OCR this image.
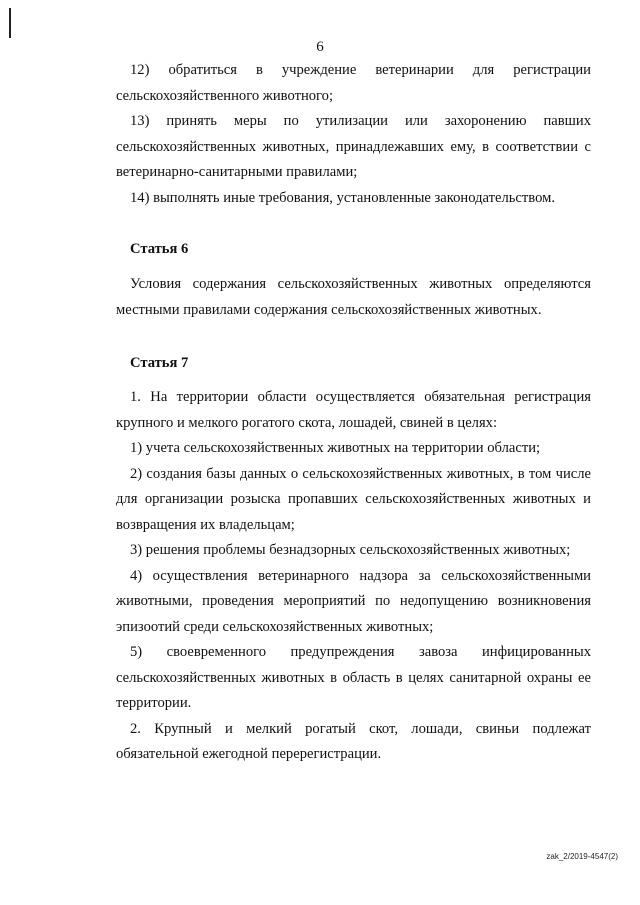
6

12) обратиться в учреждение ветеринарии для регистрации сельскохозяйственного животного;

13) принять меры по утилизации или захоронению павших сельскохозяйственных животных, принадлежавших ему, в соответствии с ветеринарно-санитарными правилами;

14) выполнять иные требования, установленные законодательством.

Статья 6

Условия содержания сельскохозяйственных животных определяются местными правилами содержания сельскохозяйственных животных.

Статья 7

1. На территории области осуществляется обязательная регистрация крупного и мелкого рогатого скота, лошадей, свиней в целях:

1) учета сельскохозяйственных животных на территории области;

2) создания базы данных о сельскохозяйственных животных, в том числе для организации розыска пропавших сельскохозяйственных животных и возвращения их владельцам;

3) решения проблемы безнадзорных сельскохозяйственных животных;

4) осуществления ветеринарного надзора за сельскохозяйственными животными, проведения мероприятий по недопущению возникновения эпизоотий среди сельскохозяйственных животных;

5) своевременного предупреждения завоза инфицированных сельскохозяйственных животных в область в целях санитарной охраны ее территории.

2. Крупный и мелкий рогатый скот, лошади, свиньи подлежат обязательной ежегодной перерегистрации.

zak_2/2019-4547(2)
